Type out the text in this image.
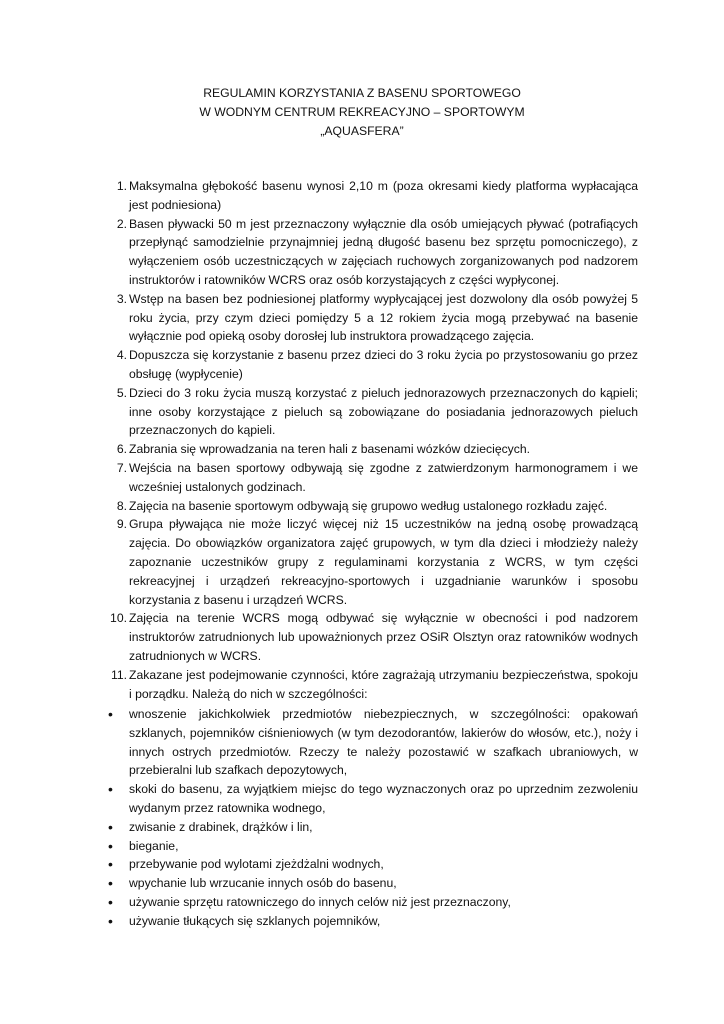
REGULAMIN KORZYSTANIA Z BASENU SPORTOWEGO
W WODNYM CENTRUM REKREACYJNO – SPORTOWYM
„AQUASFERA”
1. Maksymalna głębokość basenu wynosi 2,10 m (poza okresami kiedy platforma wypłacająca jest podniesiona)
2. Basen pływacki 50 m jest przeznaczony wyłącznie dla osób umiejących pływać (potrafiących przepłynąć samodzielnie przynajmniej jedną długość basenu bez sprzętu pomocniczego), z wyłączeniem osób uczestniczących w zajęciach ruchowych zorganizowanych pod nadzorem instruktorów i ratowników WCRS oraz osób korzystających z części wypłyconej.
3. Wstęp na basen bez podniesionej platformy wypłycającej jest dozwolony dla osób powyżej 5 roku życia, przy czym dzieci pomiędzy 5 a 12 rokiem życia mogą przebywać na basenie wyłącznie pod opieką osoby dorosłej lub instruktora prowadzącego zajęcia.
4. Dopuszcza się korzystanie z basenu przez dzieci do 3 roku życia po przystosowaniu go przez obsługę (wypłycenie)
5. Dzieci do 3 roku życia muszą korzystać z pieluch jednorazowych przeznaczonych do kąpieli; inne osoby korzystające z pieluch są zobowiązane do posiadania jednorazowych pieluch przeznaczonych do kąpieli.
6. Zabrania się wprowadzania na teren hali z basenami wózków dziecięcych.
7. Wejścia na basen sportowy odbywają się zgodne z zatwierdzonym harmonogramem i we wcześniej ustalonych godzinach.
8. Zajęcia na basenie sportowym odbywają się grupowo według ustalonego rozkładu zajęć.
9. Grupa pływająca nie może liczyć więcej niż 15 uczestników na jedną osobę prowadzącą zajęcia. Do obowiązków organizatora zajęć grupowych, w tym dla dzieci i młodzieży należy zapoznanie uczestników grupy z regulaminami korzystania z WCRS, w tym części rekreacyjnej i urządzeń rekreacyjno-sportowych i uzgadnianie warunków i sposobu korzystania z basenu i urządzeń WCRS.
10. Zajęcia na terenie WCRS mogą odbywać się wyłącznie w obecności i pod nadzorem instruktorów zatrudnionych lub upoważnionych przez OSiR Olsztyn oraz ratowników wodnych zatrudnionych w WCRS.
11. Zakazane jest podejmowanie czynności, które zagrażają utrzymaniu bezpieczeństwa, spokoju i porządku. Należą do nich w szczególności:
• wnoszenie jakichkolwiek przedmiotów niebezpiecznych, w szczególności: opakowań szklanych, pojemników ciśnieniowych (w tym dezodorantów, lakierów do włosów, etc.), noży i innych ostrych przedmiotów. Rzeczy te należy pozostawić w szafkach ubraniowych, w przebieralni lub szafkach depozytowych,
• skoki do basenu, za wyjątkiem miejsc do tego wyznaczonych oraz po uprzednim zezwoleniu wydanym przez ratownika wodnego,
• zwisanie z drabinek, drążków i lin,
• bieganie,
• przebywanie pod wylotami zjeżdżalni wodnych,
• wpychanie lub wrzucanie innych osób do basenu,
• używanie sprzętu ratowniczego do innych celów niż jest przeznaczony,
• używanie tłukących się szklanych pojemników,
